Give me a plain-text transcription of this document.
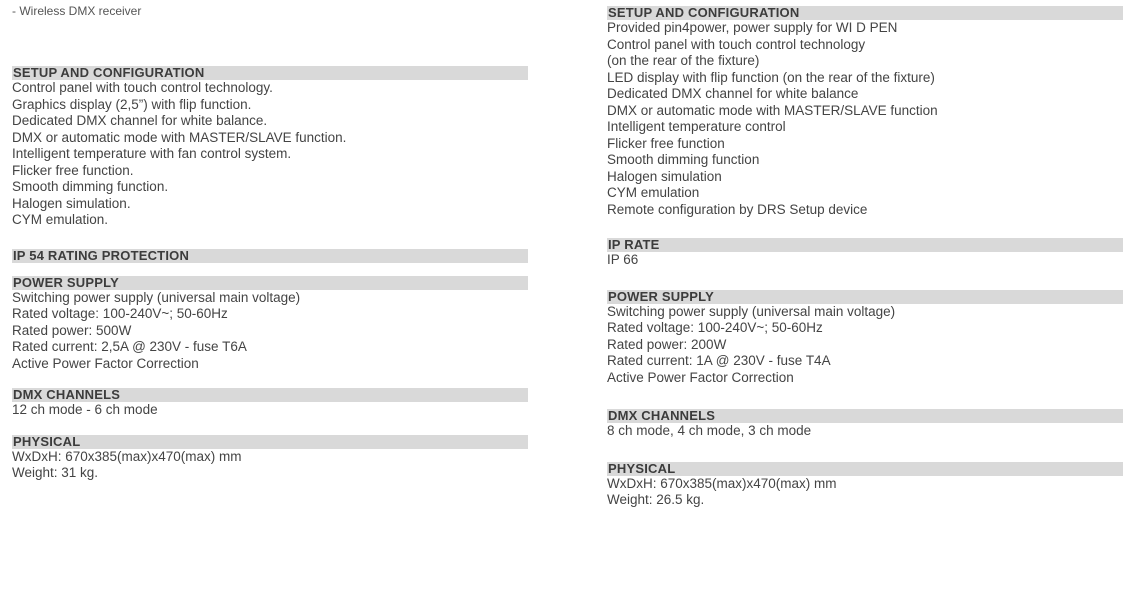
- Wireless DMX receiver
SETUP AND CONFIGURATION
Control panel with touch control technology.
Graphics display (2,5”) with flip function.
Dedicated DMX channel for white balance.
DMX or automatic mode with MASTER/SLAVE function.
Intelligent temperature with fan control system.
Flicker free function.
Smooth dimming function.
Halogen simulation.
CYM emulation.
IP 54 RATING PROTECTION
POWER SUPPLY
Switching power supply (universal main voltage)
Rated voltage: 100-240V~; 50-60Hz
Rated power: 500W
Rated current: 2,5A @ 230V - fuse T6A
Active Power Factor Correction
DMX CHANNELS
12 ch mode - 6 ch mode
PHYSICAL
WxDxH: 670x385(max)x470(max) mm
Weight: 31 kg.
SETUP AND CONFIGURATION
Provided pin4power, power supply for WI D PEN
Control panel with touch control technology
(on the rear of the fixture)
LED display with flip function (on the rear of the fixture)
Dedicated DMX channel for white balance
DMX or automatic mode with MASTER/SLAVE function
Intelligent temperature control
Flicker free function
Smooth dimming function
Halogen simulation
CYM emulation
Remote configuration by DRS Setup device
IP RATE
IP 66
POWER SUPPLY
Switching power supply (universal main voltage)
Rated voltage: 100-240V~; 50-60Hz
Rated power: 200W
Rated current: 1A @ 230V - fuse T4A
Active Power Factor Correction
DMX CHANNELS
8 ch mode, 4 ch mode, 3 ch mode
PHYSICAL
WxDxH: 670x385(max)x470(max) mm
Weight: 26.5 kg.
